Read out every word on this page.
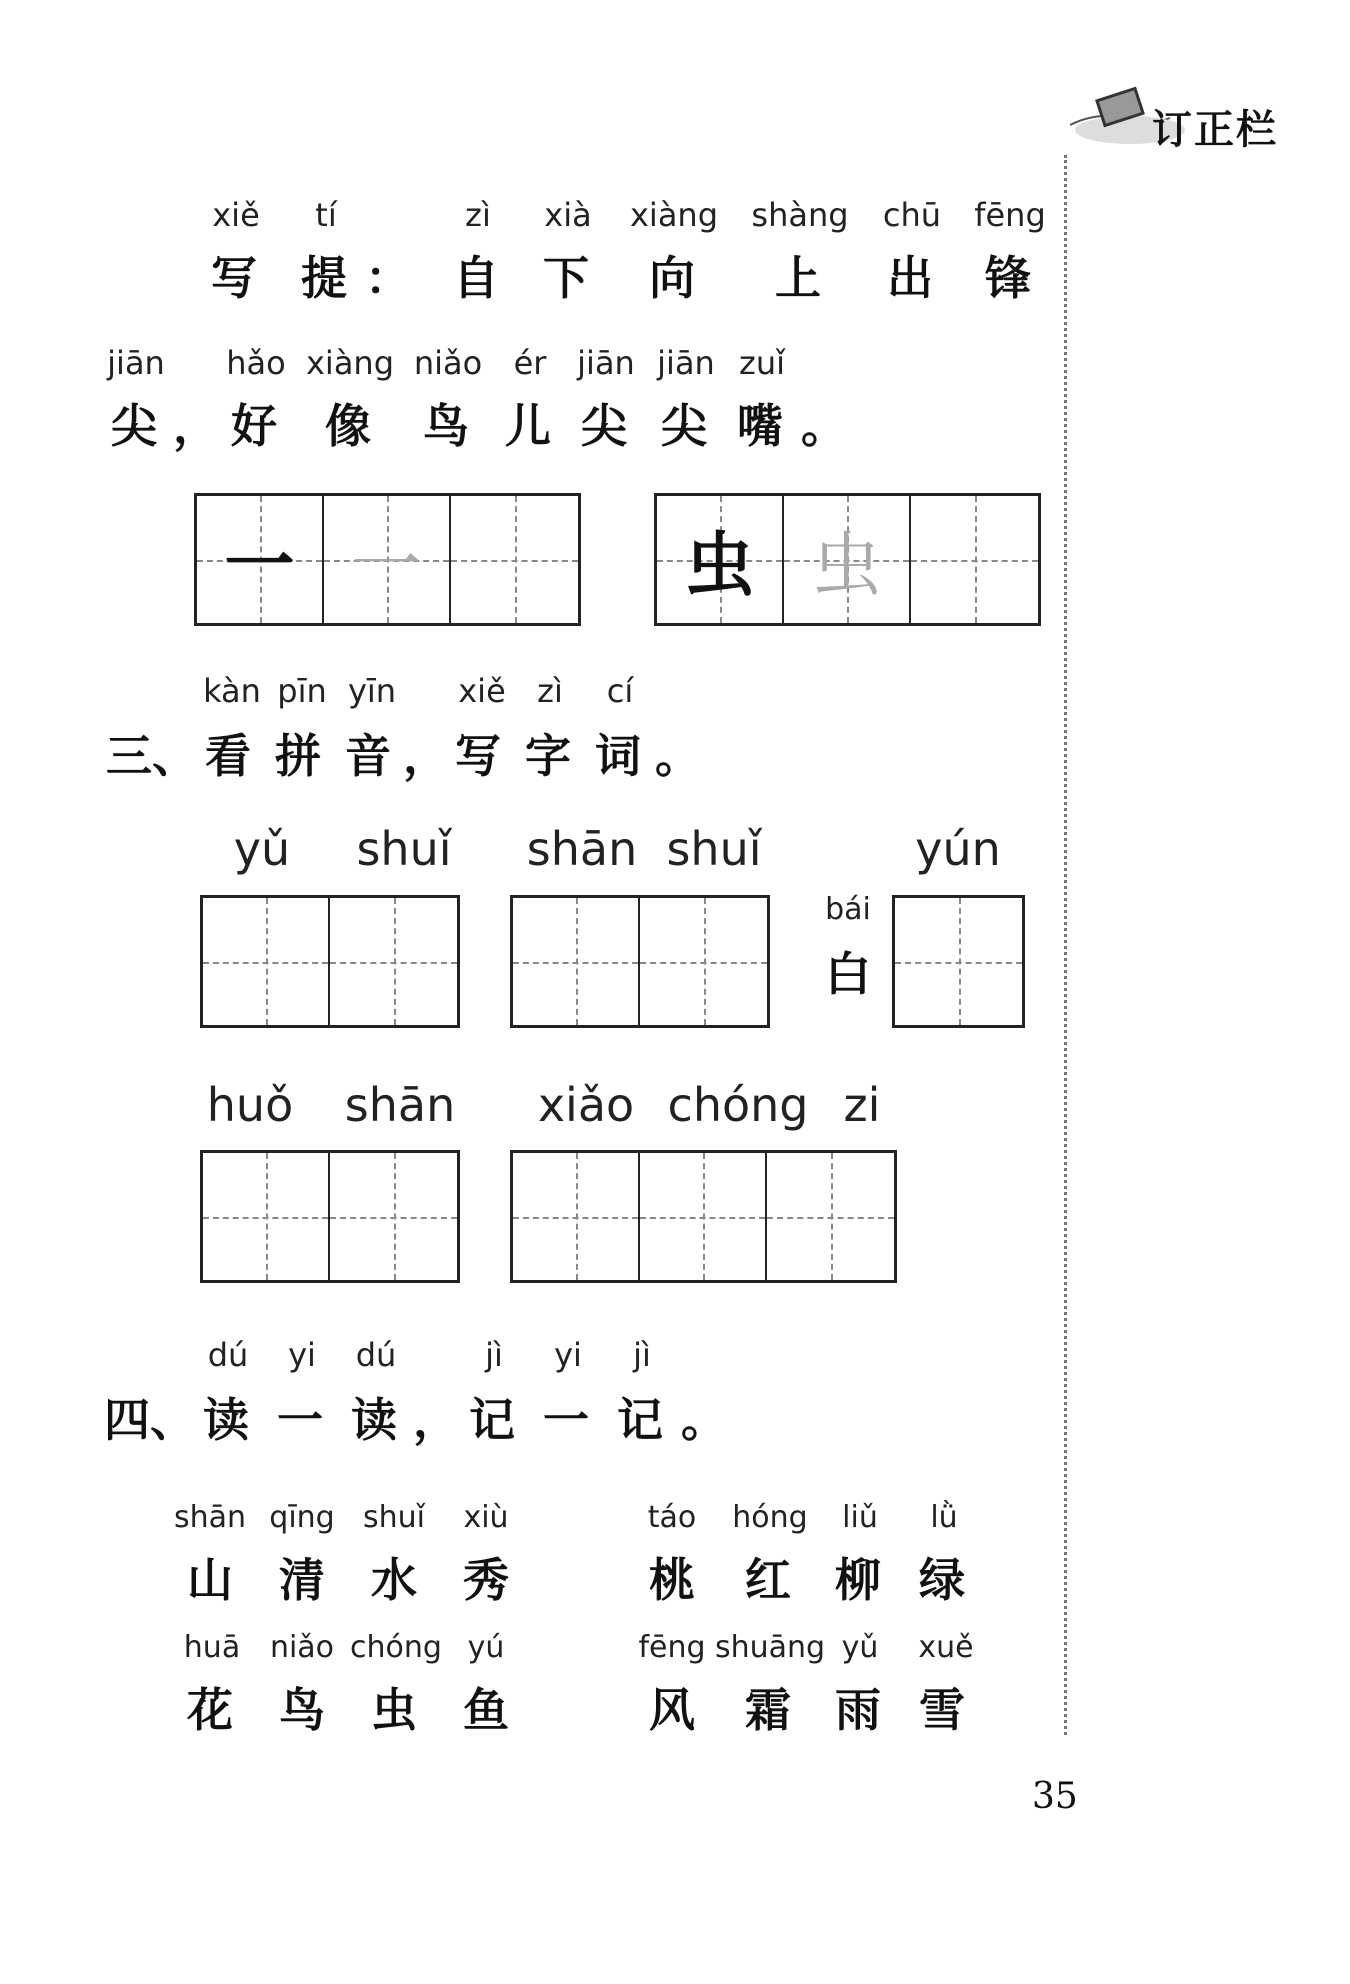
订正栏
xiě
写
tí
提 ：
zì
自
xià
下
xiàng
向
shàng
上
chū
出
fēng
锋
jiān
尖 ，
hǎo
好
xiàng
像
niǎo
鸟
ér
儿
jiān
尖
jiān
尖
zuǐ
嘴 。
一 一	虫 虫
kàn pīn yīn xiě zì cí
三、 看 拼 音 ， 写 字 词 。
yǔ shuǐ shān shuǐ
bái
白
yún
huǒ shān xiǎo chóng zi
dú yi dú	jì yi jì
四、 读 一 读 ， 记 一 记 。
shān qīng shuǐ xiù
山 清 水 秀
táo hóng liǔ lǜ
桃 红 柳 绿
huā niǎo chóng yú
花 鸟 虫 鱼
fēng shuāng yǔ xuě
风 霜 雨 雪
35
